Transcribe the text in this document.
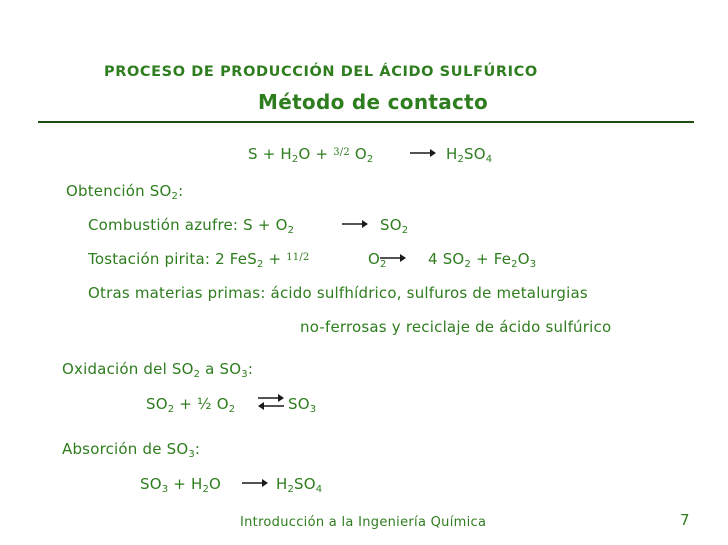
PROCESO DE PRODUCCIÓN DEL ÁCIDO SULFÚRICO
Método de contacto
$S + H_2O + ^{3/2}$ $O_2 \to H_2SO_4$
Obtención $SO_2$:
Combustión azufre: $S + O_2 \to SO_2$
Tostación pirita: 2 FeS$_2$ + $^{11/2}$	$O_2 \to 4$ $SO_2 + Fe_2O_3$
Otras materias primas: ácido sulfhídrico, sulfuros de metalurgias
no-ferrosas y reciclaje de ácido sulfúrico
Oxidación del $SO_2$ a $SO_3$:
$SO_2$ + ½ $O_2$ ⇌ $SO_3$
Absorción de $SO_3$:
$SO_3 + H_2O \to H_2SO_4$
Introducción a la Ingeniería Química	7
